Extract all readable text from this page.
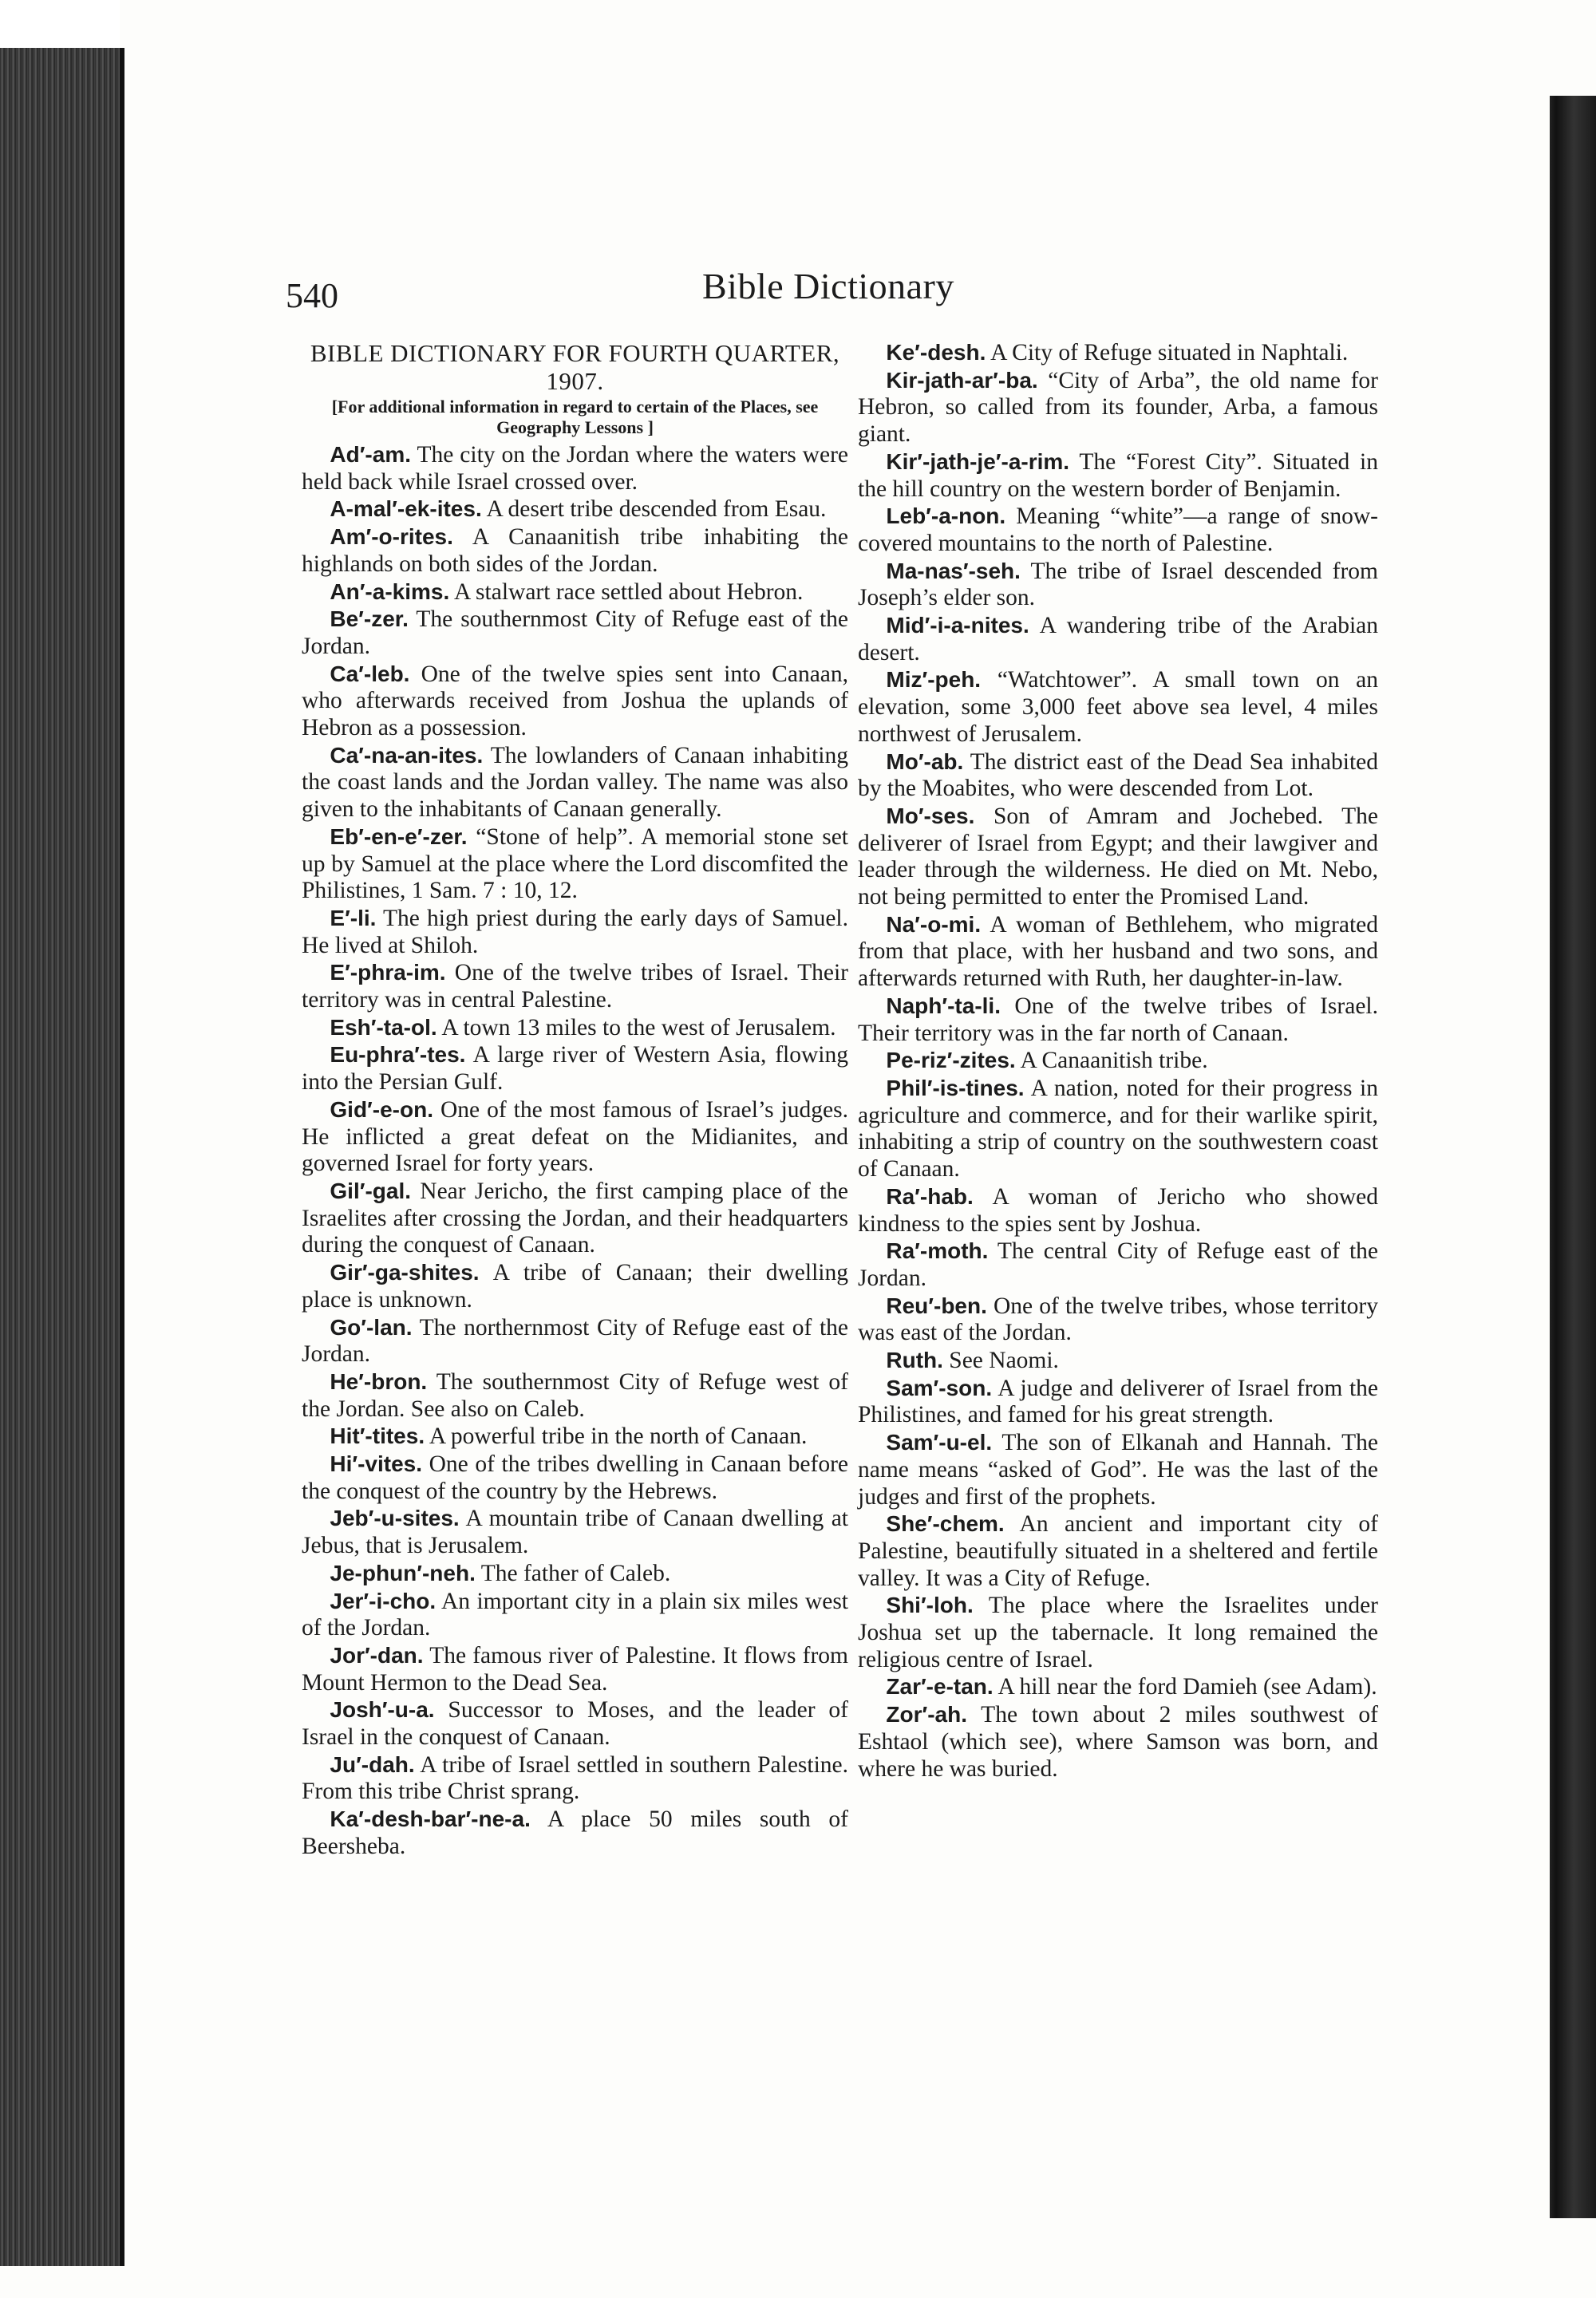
540	Bible Dictionary
BIBLE DICTIONARY FOR FOURTH QUARTER, 1907.
[For additional information in regard to certain of the Places, see Geography Lessons ]
Ad′-am. The city on the Jordan where the waters were held back while Israel crossed over.
A-mal′-ek-ites. A desert tribe descended from Esau.
Am′-o-rites. A Canaanitish tribe inhabiting the highlands on both sides of the Jordan.
An′-a-kims. A stalwart race settled about Hebron.
Be′-zer. The southernmost City of Refuge east of the Jordan.
Ca′-leb. One of the twelve spies sent into Canaan, who afterwards received from Joshua the uplands of Hebron as a possession.
Ca′-na-an-ites. The lowlanders of Canaan inhabiting the coast lands and the Jordan valley. The name was also given to the inhabitants of Canaan generally.
Eb′-en-e′-zer. “Stone of help”. A memorial stone set up by Samuel at the place where the Lord discomfited the Philistines, 1 Sam. 7 : 10, 12.
E′-li. The high priest during the early days of Samuel. He lived at Shiloh.
E′-phra-im. One of the twelve tribes of Israel. Their territory was in central Palestine.
Esh′-ta-ol. A town 13 miles to the west of Jerusalem.
Eu-phra′-tes. A large river of Western Asia, flowing into the Persian Gulf.
Gid′-e-on. One of the most famous of Israel’s judges. He inflicted a great defeat on the Midianites, and governed Israel for forty years.
Gil′-gal. Near Jericho, the first camping place of the Israelites after crossing the Jordan, and their headquarters during the conquest of Canaan.
Gir′-ga-shites. A tribe of Canaan; their dwelling place is unknown.
Go′-lan. The northernmost City of Refuge east of the Jordan.
He′-bron. The southernmost City of Refuge west of the Jordan. See also on Caleb.
Hit′-tites. A powerful tribe in the north of Canaan.
Hi′-vites. One of the tribes dwelling in Canaan before the conquest of the country by the Hebrews.
Jeb′-u-sites. A mountain tribe of Canaan dwelling at Jebus, that is Jerusalem.
Je-phun′-neh. The father of Caleb.
Jer′-i-cho. An important city in a plain six miles west of the Jordan.
Jor′-dan. The famous river of Palestine. It flows from Mount Hermon to the Dead Sea.
Josh′-u-a. Successor to Moses, and the leader of Israel in the conquest of Canaan.
Ju′-dah. A tribe of Israel settled in southern Palestine. From this tribe Christ sprang.
Ka′-desh-bar′-ne-a. A place 50 miles south of Beersheba.
Ke′-desh. A City of Refuge situated in Naphtali.
Kir-jath-ar′-ba. “City of Arba”, the old name for Hebron, so called from its founder, Arba, a famous giant.
Kir′-jath-je′-a-rim. The “Forest City”. Situated in the hill country on the western border of Benjamin.
Leb′-a-non. Meaning “white”—a range of snow-covered mountains to the north of Palestine.
Ma-nas′-seh. The tribe of Israel descended from Joseph’s elder son.
Mid′-i-a-nites. A wandering tribe of the Arabian desert.
Miz′-peh. “Watchtower”. A small town on an elevation, some 3,000 feet above sea level, 4 miles northwest of Jerusalem.
Mo′-ab. The district east of the Dead Sea inhabited by the Moabites, who were descended from Lot.
Mo′-ses. Son of Amram and Jochebed. The deliverer of Israel from Egypt; and their lawgiver and leader through the wilderness. He died on Mt. Nebo, not being permitted to enter the Promised Land.
Na′-o-mi. A woman of Bethlehem, who migrated from that place, with her husband and two sons, and afterwards returned with Ruth, her daughter-in-law.
Naph′-ta-li. One of the twelve tribes of Israel. Their territory was in the far north of Canaan.
Pe-riz′-zites. A Canaanitish tribe.
Phil′-is-tines. A nation, noted for their progress in agriculture and commerce, and for their warlike spirit, inhabiting a strip of country on the southwestern coast of Canaan.
Ra′-hab. A woman of Jericho who showed kindness to the spies sent by Joshua.
Ra′-moth. The central City of Refuge east of the Jordan.
Reu′-ben. One of the twelve tribes, whose territory was east of the Jordan.
Ruth. See Naomi.
Sam′-son. A judge and deliverer of Israel from the Philistines, and famed for his great strength.
Sam′-u-el. The son of Elkanah and Hannah. The name means “asked of God”. He was the last of the judges and first of the prophets.
She′-chem. An ancient and important city of Palestine, beautifully situated in a sheltered and fertile valley. It was a City of Refuge.
Shi′-loh. The place where the Israelites under Joshua set up the tabernacle. It long remained the religious centre of Israel.
Zar′-e-tan. A hill near the ford Damieh (see Adam).
Zor′-ah. The town about 2 miles southwest of Eshtaol (which see), where Samson was born, and where he was buried.
